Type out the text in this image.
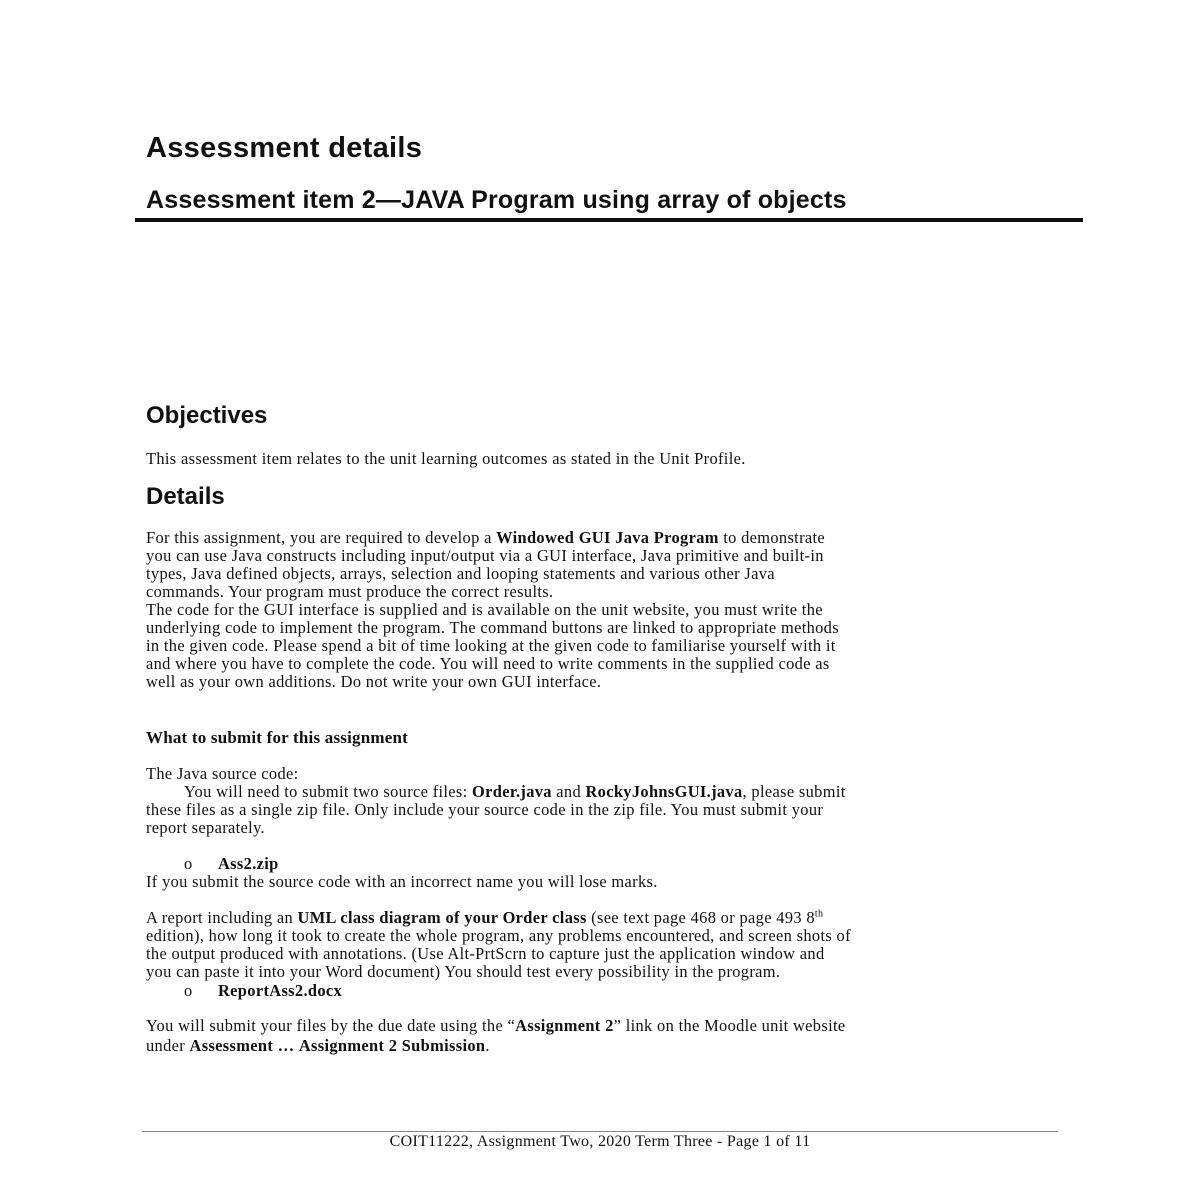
Assessment details
Assessment item 2—JAVA Program using array of objects
Objectives

This assessment item relates to the unit learning outcomes as stated in the Unit Profile.

Details
For this assignment, you are required to develop a Windowed GUI Java Program to demonstrate
you can use Java constructs including input/output via a GUI interface, Java primitive and built-in
types, Java defined objects, arrays, selection and looping statements and various other Java
commands. Your program must produce the correct results.
The code for the GUI interface is supplied and is available on the unit website, you must write the
underlying code to implement the program. The command buttons are linked to appropriate methods
in the given code. Please spend a bit of time looking at the given code to familiarise yourself with it
and where you have to complete the code. You will need to write comments in the supplied code as
well as your own additions. Do not write your own GUI interface.

What to submit for this assignment

The Java source code:
You will need to submit two source files: Order.java and RockyJohnsGUI.java, please submit
these files as a single zip file. Only include your source code in the zip file. You must submit your
report separately.
o Ass2.zip

If you submit the source code with an incorrect name you will lose marks.

A report including an UML class diagram of your Order class (see text page 468 or page 493 8th
edition), how long it took to create the whole program, any problems encountered, and screen shots of
the output produced with annotations. (Use Alt-PrtScrn to capture just the application window and
you can paste it into your Word document) You should test every possibility in the program.
o ReportAss2.docx
You will submit your files by the due date using the “Assignment 2” link on the Moodle unit website
under Assessment … Assignment 2 Submission.
COIT11222, Assignment Two, 2020 Term Three - Page 1 of 11
